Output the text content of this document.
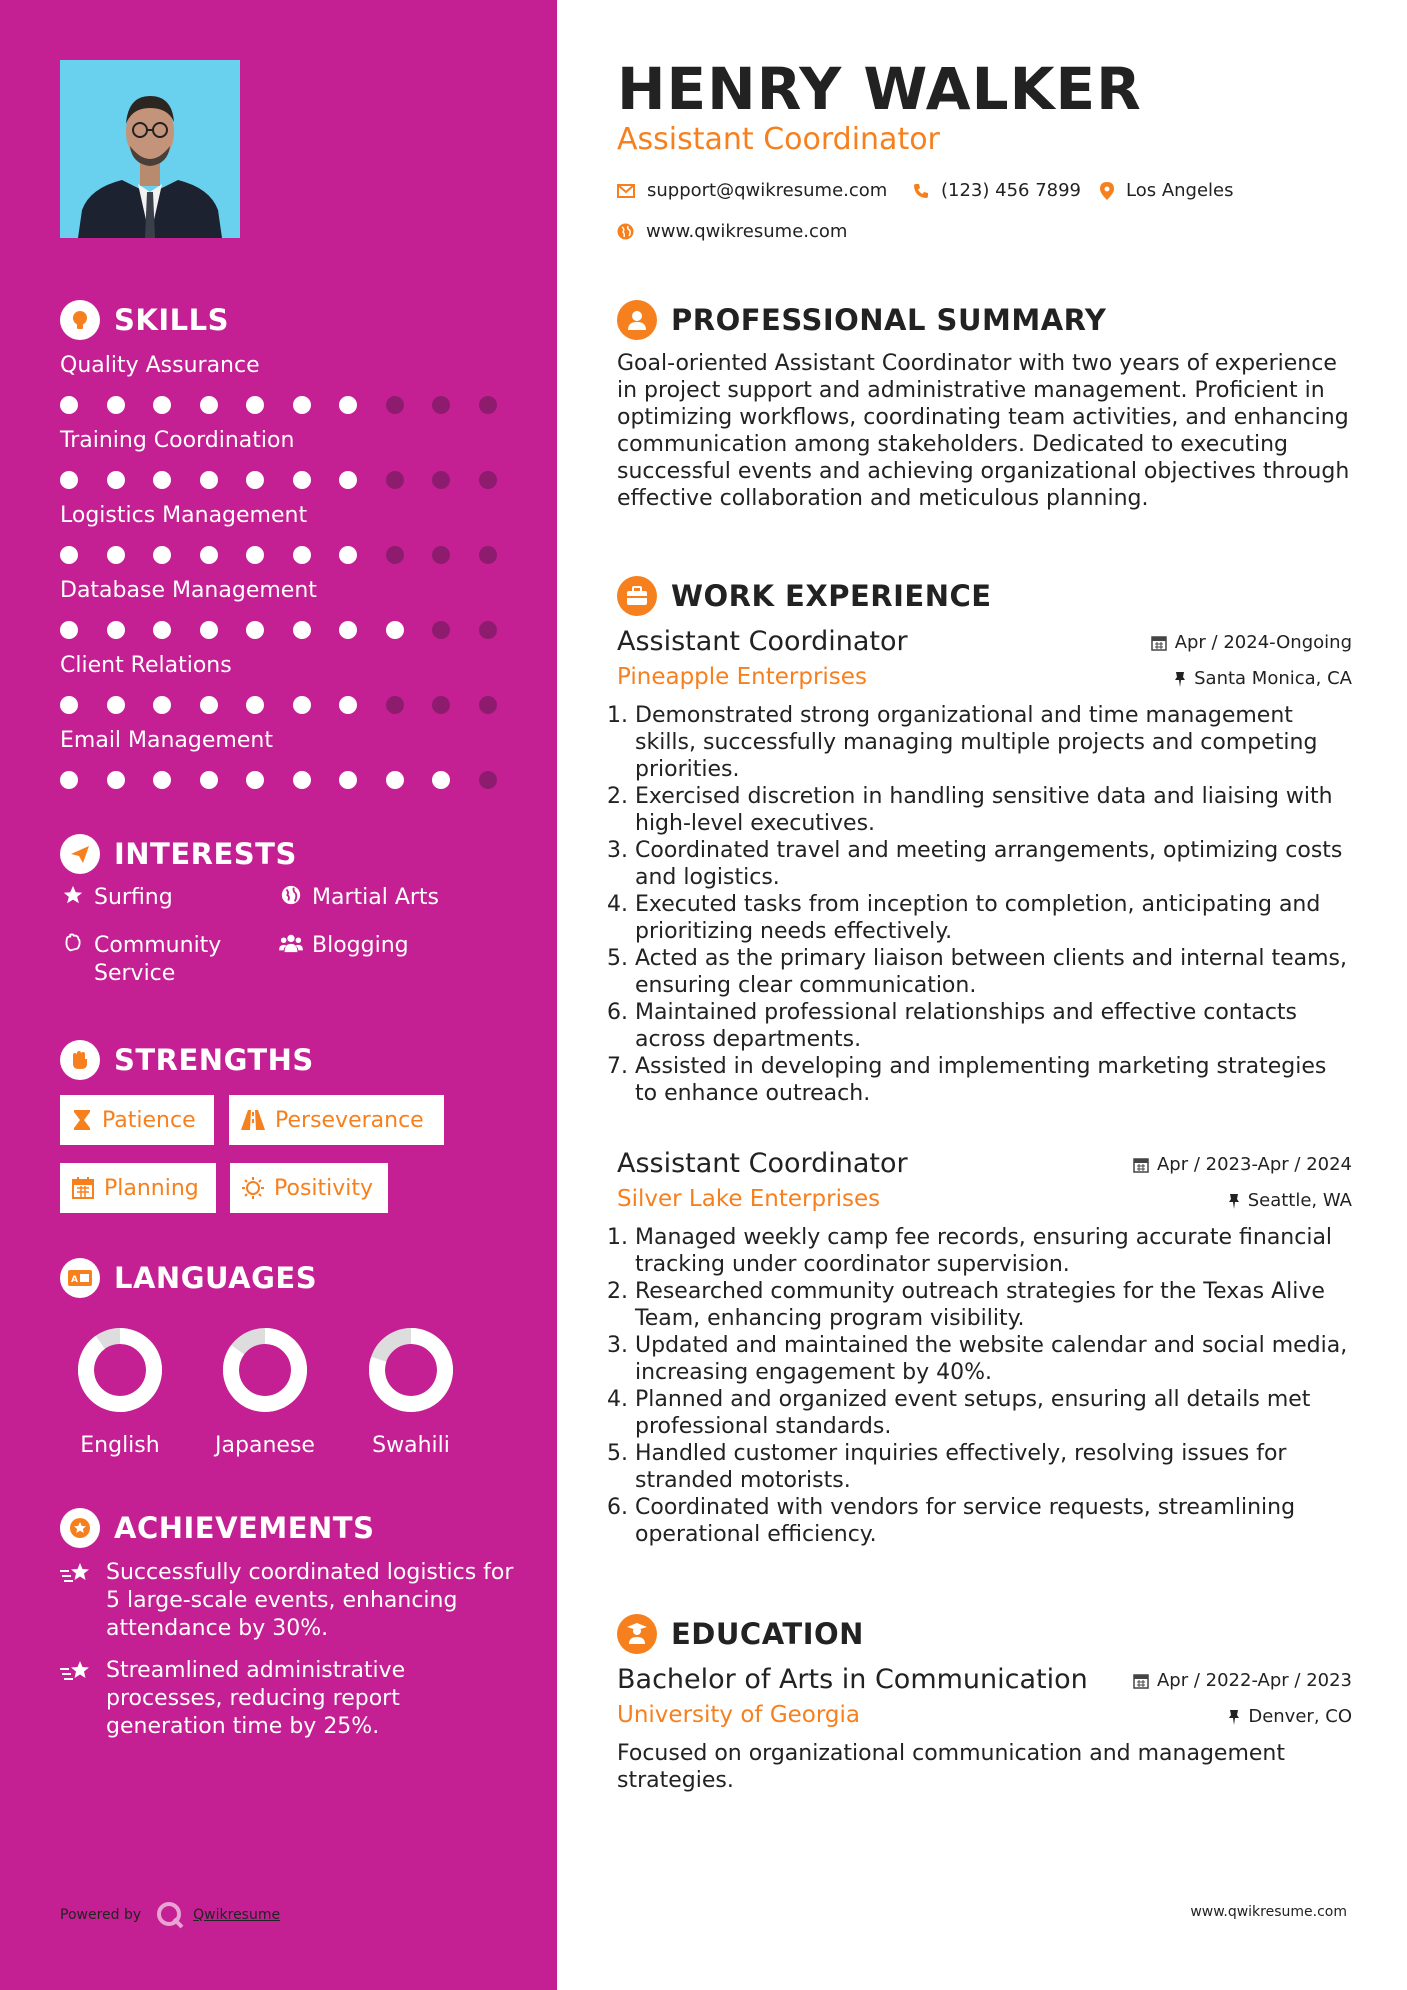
SKILLS
Quality Assurance
Training Coordination
Logistics Management
Database Management
Client Relations
Email Management
INTERESTS
Surfing	Martial Arts
Community Service
Blogging
STRENGTHS
Patience	Perseverance
Planning	Positivity
A LANGUAGES
English	Japanese	Swahili
ACHIEVEMENTS
Successfully coordinated logistics for 5 large-scale events, enhancing attendance by 30%.
Streamlined administrative processes, reducing report generation time by 25%.
Powered by	Qwikresume
HENRY WALKER
Assistant Coordinator
support@qwikresume.com	(123) 456 7899 Los Angeles
www.qwikresume.com
PROFESSIONAL SUMMARY
Goal-oriented Assistant Coordinator with two years of experience in project support and administrative management. Proficient in optimizing workflows, coordinating team activities, and enhancing communication among stakeholders. Dedicated to executing successful events and achieving organizational objectives through effective collaboration and meticulous planning.
WORK EXPERIENCE
Assistant Coordinator	Apr / 2024-Ongoing
Pineapple Enterprises	Santa Monica, CA
1. Demonstrated strong organizational and time management skills, successfully managing multiple projects and competing priorities.
2. Exercised discretion in handling sensitive data and liaising with high-level executives.
3. Coordinated travel and meeting arrangements, optimizing costs and logistics.
4. Executed tasks from inception to completion, anticipating and prioritizing needs effectively.
5. Acted as the primary liaison between clients and internal teams, ensuring clear communication.
6. Maintained professional relationships and effective contacts across departments.
7. Assisted in developing and implementing marketing strategies to enhance outreach.
Assistant Coordinator	Apr / 2023-Apr / 2024
Silver Lake Enterprises	Seattle, WA
1. Managed weekly camp fee records, ensuring accurate financial tracking under coordinator supervision.
2. Researched community outreach strategies for the Texas Alive Team, enhancing program visibility.
3. Updated and maintained the website calendar and social media, increasing engagement by 40%.
4. Planned and organized event setups, ensuring all details met professional standards.
5. Handled customer inquiries effectively, resolving issues for stranded motorists.
6. Coordinated with vendors for service requests, streamlining operational efficiency.
EDUCATION
Bachelor of Arts in Communication	Apr / 2022-Apr / 2023
University of Georgia	Denver, CO
Focused on organizational communication and management strategies.
www.qwikresume.com
